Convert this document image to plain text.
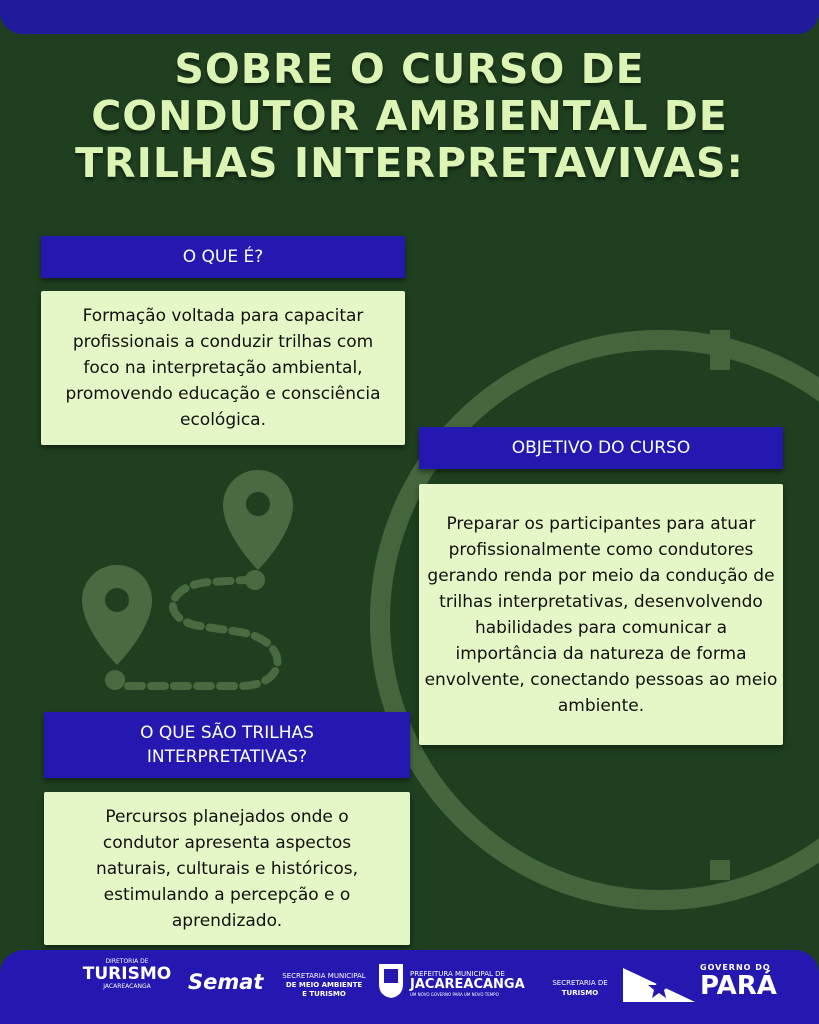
SOBRE O CURSO DE
CONDUTOR AMBIENTAL DE
TRILHAS INTERPRETAVIVAS:
O QUE É?
Formação voltada para capacitar profissionais a conduzir trilhas com foco na interpretação ambiental, promovendo educação e consciência ecológica.
OBJETIVO DO CURSO
Preparar os participantes para atuar profissionalmente como condutores gerando renda por meio da condução de trilhas interpretativas, desenvolvendo habilidades para comunicar a importância da natureza de forma envolvente, conectando pessoas ao meio ambiente.
O QUE SÃO TRILHAS
INTERPRETATIVAS?
Percursos planejados onde o condutor apresenta aspectos naturais, culturais e históricos, estimulando a percepção e o aprendizado.
DIRETORIA DE
TURISMO
JACAREACANGA	Semat	SECRETARIA MUNICIPAL
DE MEIO AMBIENTE
E TURISMO
PREFEITURA MUNICIPAL DE
JACAREACANGA
UM NOVO GOVERNO PARA UM NOVO TEMPO
SECRETARIA DE
TURISMO
GOVERNO DO
PARÁ
